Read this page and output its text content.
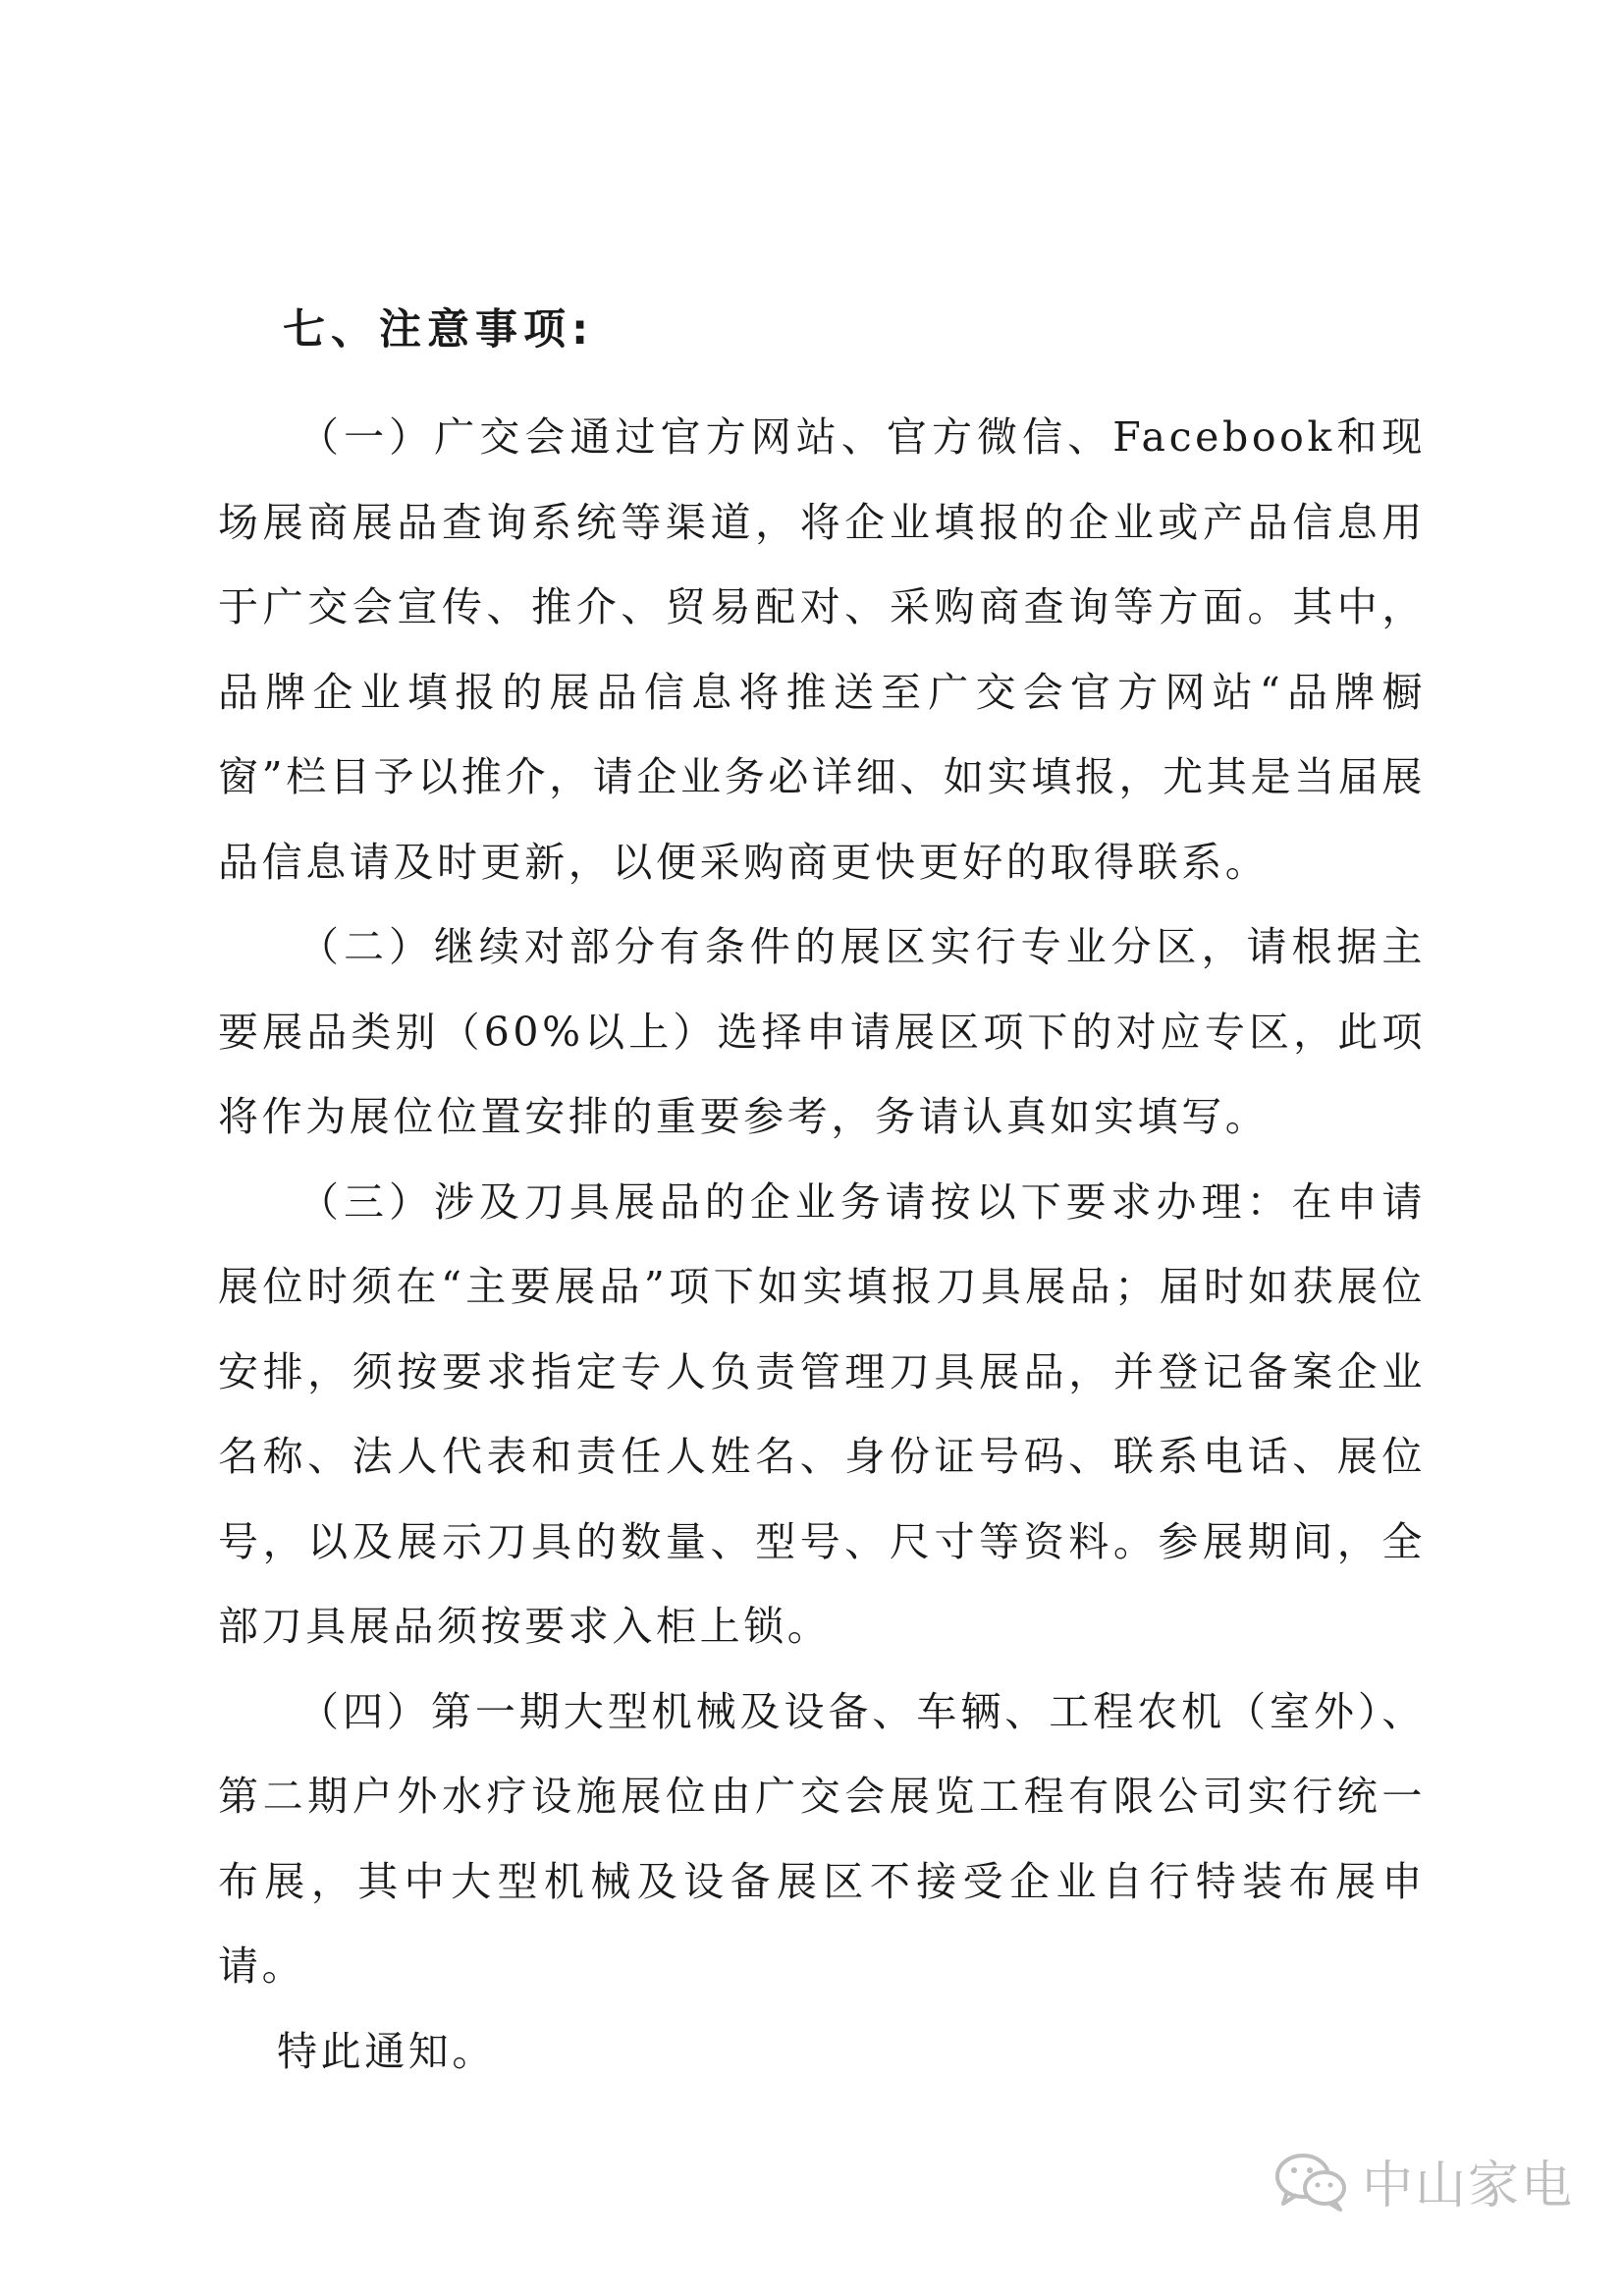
七、注意事项:

（一）广交会通过官方网站、官方微信、Facebook和现场展商展品查询系统等渠道，将企业填报的企业或产品信息用于广交会宣传、推介、贸易配对、采购商查询等方面。其中，品牌企业填报的展品信息将推送至广交会官方网站“品牌橱窗”栏目予以推介，请企业务必详细、如实填报，尤其是当届展品信息请及时更新，以便采购商更快更好的取得联系。

（二）继续对部分有条件的展区实行专业分区，请根据主要展品类别（60%以上）选择申请展区项下的对应专区，此项将作为展位位置安排的重要参考，务请认真如实填写。

（三）涉及刀具展品的企业务请按以下要求办理：在申请展位时须在“主要展品”项下如实填报刀具展品；届时如获展位安排，须按要求指定专人负责管理刀具展品，并登记备案企业名称、法人代表和责任人姓名、身份证号码、联系电话、展位号，以及展示刀具的数量、型号、尺寸等资料。参展期间，全部刀具展品须按要求入柜上锁。

（四）第一期大型机械及设备、车辆、工程农机（室外）、第二期户外水疗设施展位由广交会展览工程有限公司实行统一布展，其中大型机械及设备展区不接受企业自行特装布展申请。

特此通知。

中山家电
